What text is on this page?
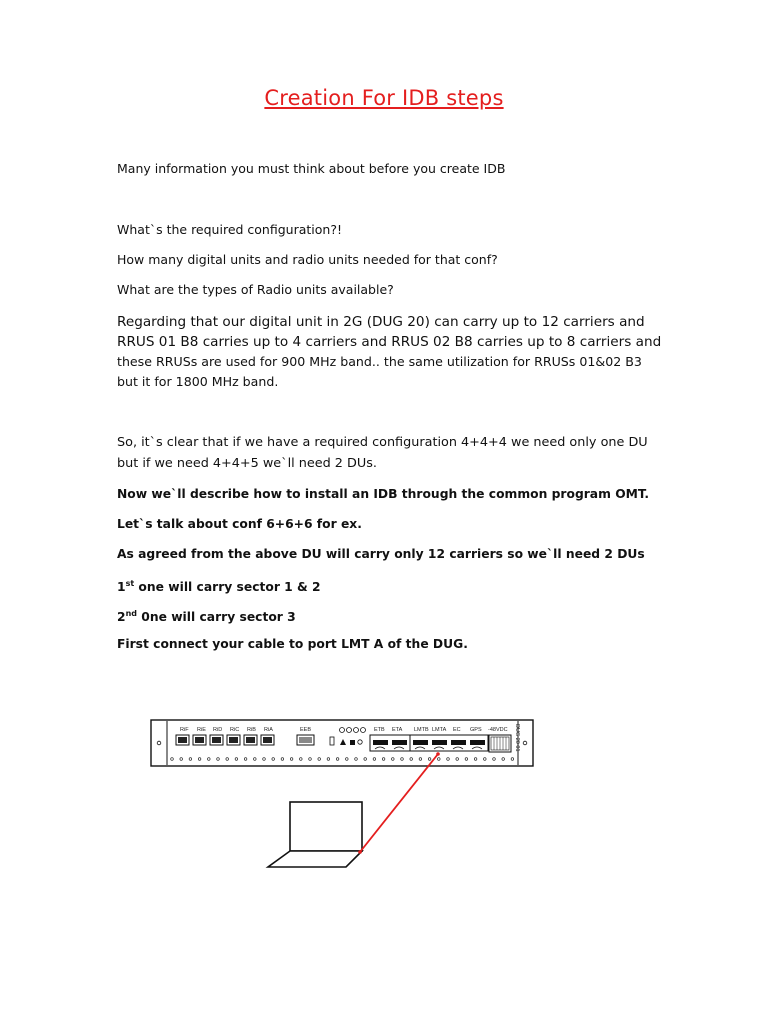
Creation For IDB steps
Many information you must think about before you create IDB
What`s the required configuration?!
How many digital units and radio units needed for that conf?
What are the types of Radio units available?
Regarding that our digital unit in 2G (DUG 20) can carry up to 12 carriers and
RRUS 01 B8 carries up to 4 carriers and RRUS 02 B8 carries up to 8 carriers and
these RRUSs are used for 900 MHz band.. the same utilization for RRUSs 01&02 B3
but it for 1800 MHz band.
So, it`s clear that if we have a required configuration 4+4+4 we need only one DU
but if we need 4+4+5 we`ll need 2 DUs.
Now we`ll describe how to install an IDB through the common program OMT.
Let`s talk about conf 6+6+6 for ex.
As agreed from the above DU will carry only 12 carriers so we`ll need 2 DUs
1st one will carry sector 1 & 2
2nd 0ne will carry sector 3
First connect your cable to port LMT A of the DUG.
RiF RiE RiD RiC RiB RiA	EEB	ETB ETA LMTB LMTA EC GPS -48VDC DUG 20 01
